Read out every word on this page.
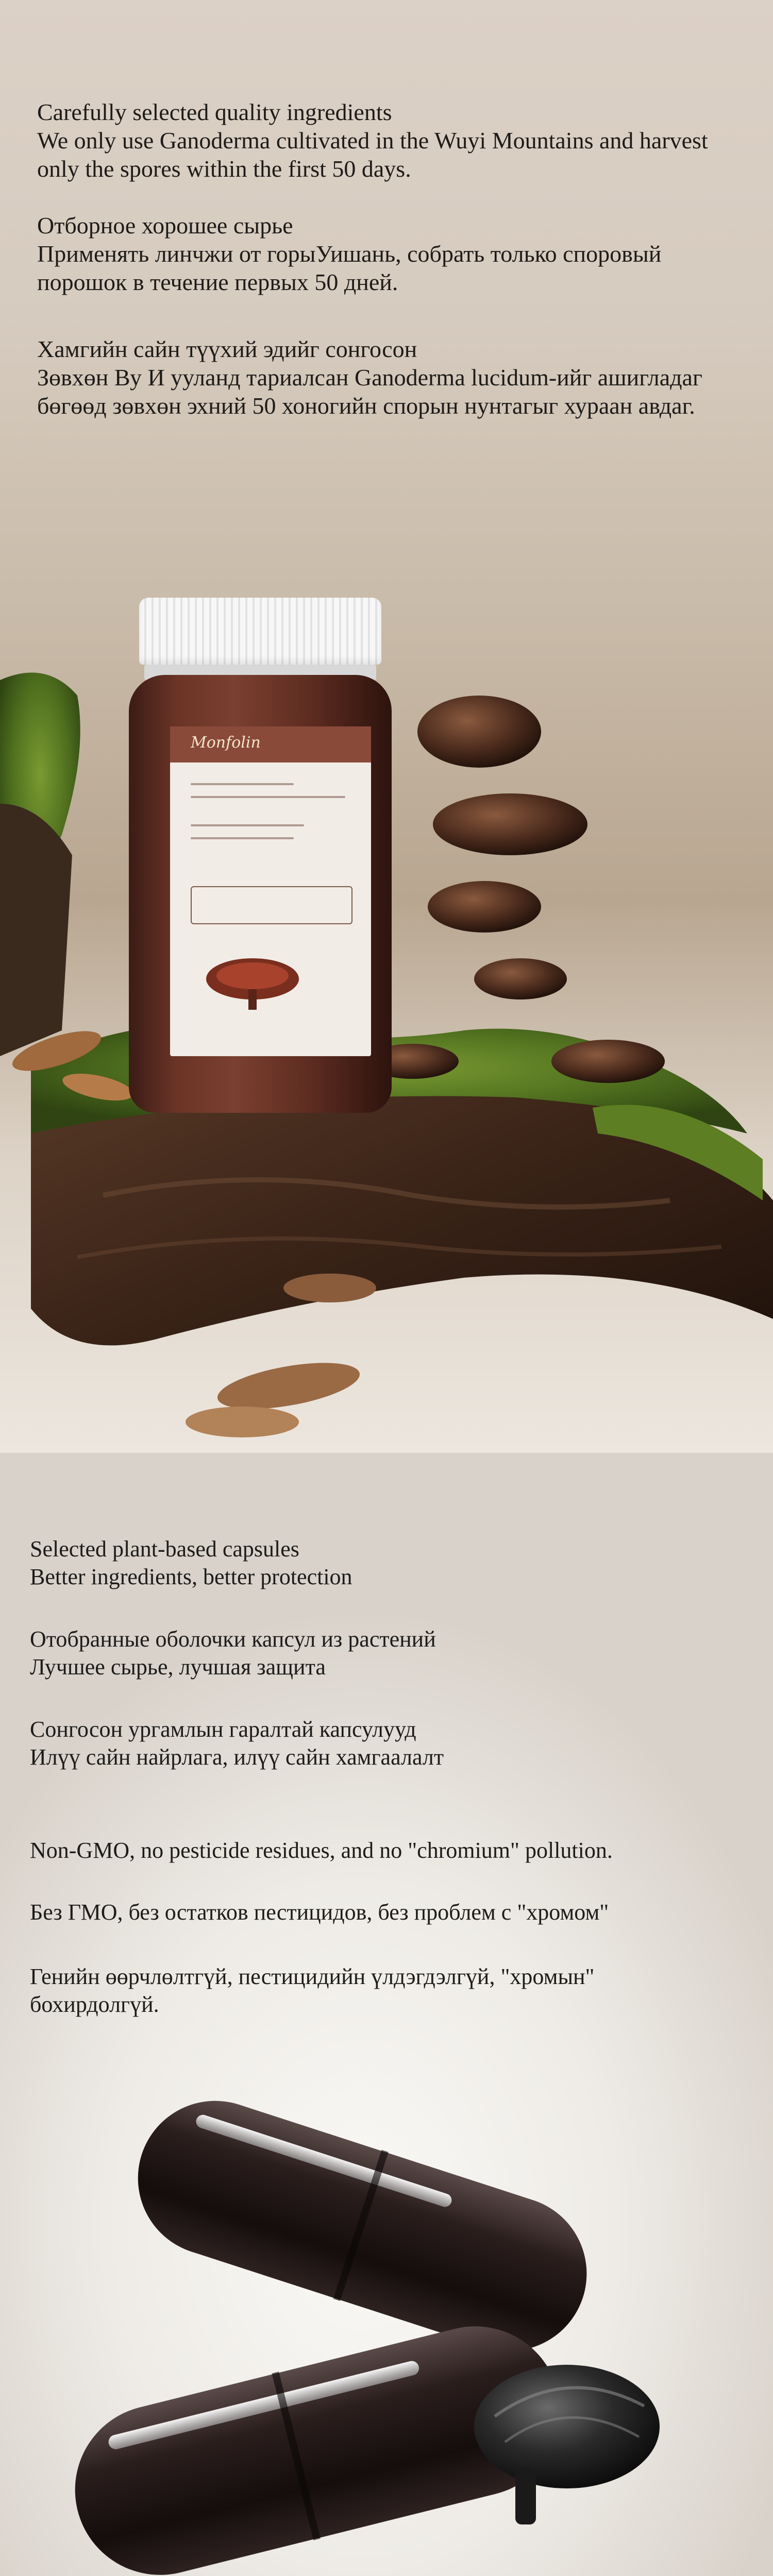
Carefully selected quality ingredients
We only use Ganoderma cultivated in the Wuyi Mountains and harvest only the spores within the first 50 days.
Отборное хорошее сырье
Применять линчжи от горыУишань, собрать только споровый порошок в течение первых 50 дней.
Хамгийн сайн түүхий эдийг сонгосон
Зөвхөн Ву И ууланд тариалсан Ganoderma lucidum-ийг ашигладаг бөгөөд зөвхөн эхний 50 хоногийн спорын нунтагыг хураан авдаг.
Monfolin
Selected plant-based capsules
Better ingredients, better protection
Отобранные оболочки капсул из растений
Лучшее сырье, лучшая защита
Сонгосон ургамлын гаралтай капсулууд
Илүү сайн найрлага, илүү сайн хамгаалалт
Non-GMO, no pesticide residues, and no "chromium" pollution.
Без ГМО, без остатков пестицидов, без проблем с "хромом"
Генийн өөрчлөлтгүй, пестицидийн үлдэгдэлгүй, "хромын"
бохирдолгүй.
